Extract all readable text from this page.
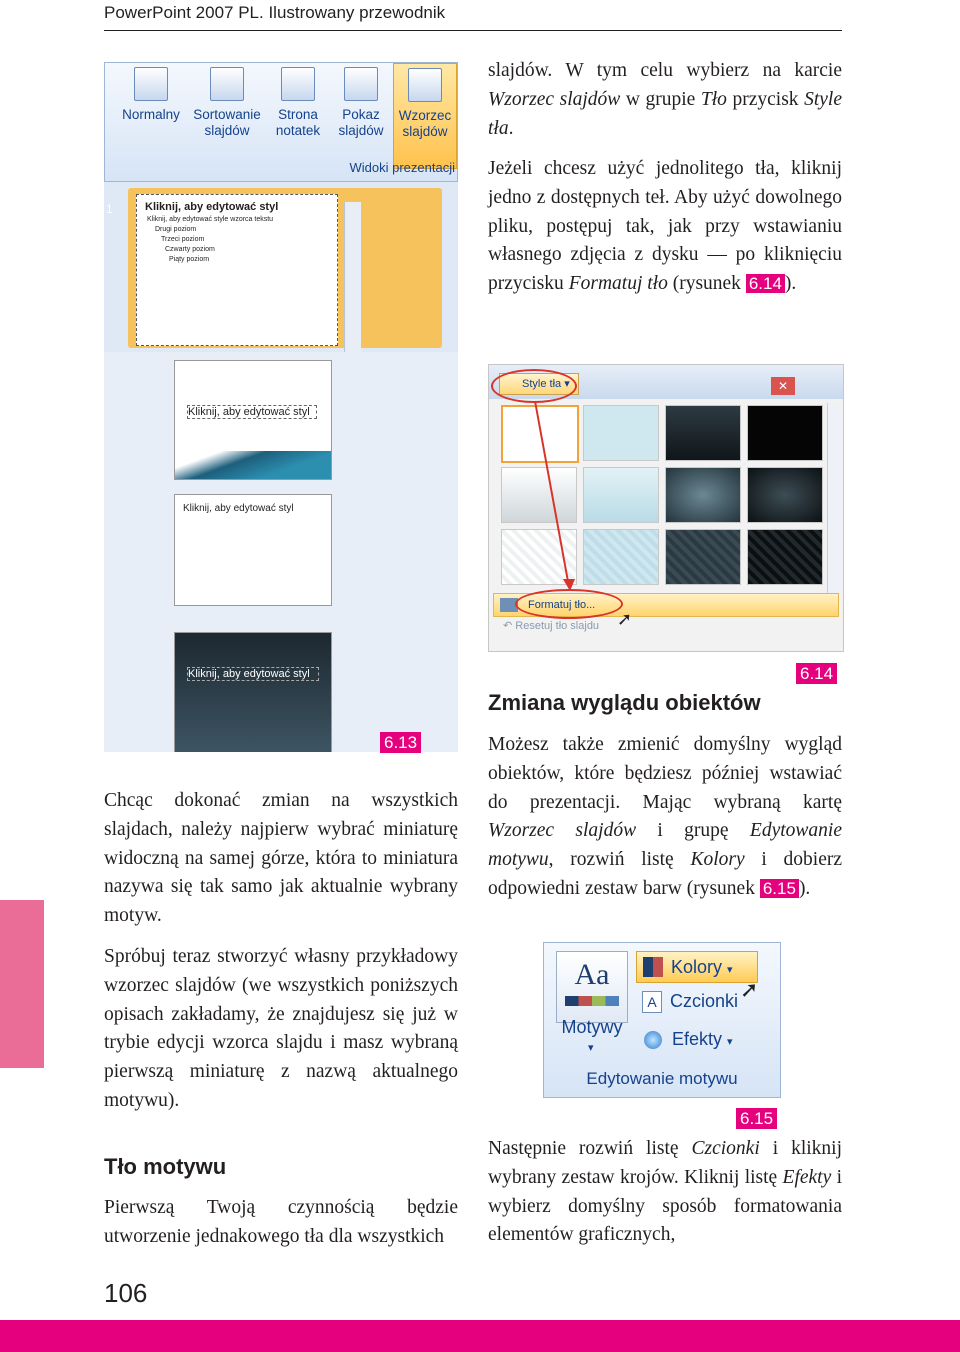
PowerPoint 2007 PL. Ilustrowany przewodnik
Normalny Sortowanie slajdów
Strona notatek
Pokaz slajdów
Wzorzec slajdów
Widoki prezentacji
1	Kliknij, aby edytować styl
Kliknij, aby edytować style wzorca tekstu
Drugi poziom
Trzeci poziom
Czwarty poziom
Piąty poziom
Kliknij, aby edytować styl
Kliknij, aby edytować styl
Kliknij, aby edytować styl
6.13

Chcąc dokonać zmian na wszystkich slajdach, należy najpierw wybrać miniaturę widoczną na samej górze, która to miniatura nazywa się tak samo jak aktualnie wybrany motyw.

Spróbuj teraz stworzyć własny przykładowy wzorzec slajdów (we wszystkich poniższych opisach zakładamy, że znajdujesz się już w trybie edycji wzorca slajdu i masz wybraną pierwszą miniaturę z nazwą aktualnego motywu).

Tło motywu

Pierwszą Twoją czynnością będzie utworzenie jednakowego tła dla wszystkich

slajdów. W tym celu wybierz na karcie Wzorzec slajdów w grupie Tło przycisk Style tła.

Jeżeli chcesz użyć jednolitego tła, kliknij jedno z dostępnych teł. Aby użyć dowolnego pliku, postępuj tak, jak przy wstawianiu własnego zdjęcia z dysku — po kliknięciu przycisku Formatuj tło (rysunek 6.14 ).

Style tła ▾	✕
Formatuj tło...
↶ Resetuj tło slajdu ➚
6.14
Zmiana wyglądu obiektów

Możesz także zmienić domyślny wygląd obiektów, które będziesz później wstawiać do prezentacji. Mając wybraną kartę Wzorzec slajdów i grupę Edytowanie motywu, rozwiń listę Kolory i dobierz odpowiedni zestaw barw (rysunek 6.15 ).

Aa
Motywy
▾
Kolory ▾
A Czcionki
Efekty ▾
➚
Edytowanie motywu
6.15

Następnie rozwiń listę Czcionki i kliknij wybrany zestaw krojów. Kliknij listę Efekty i wybierz domyślny sposób formatowania elementów graficznych,

106
